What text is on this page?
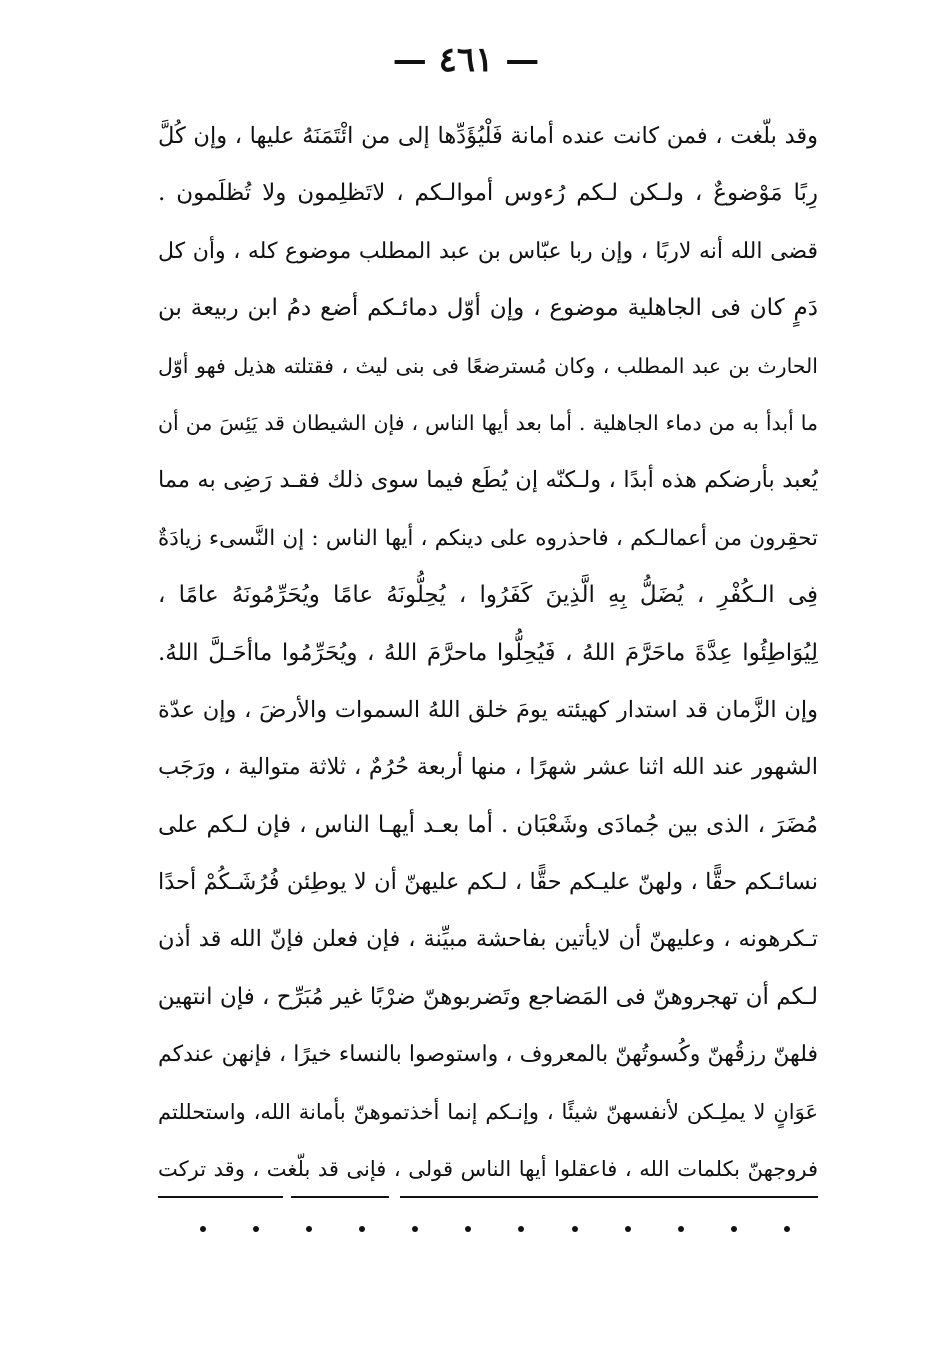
— ٤٦١ —
وقد بلّغت ، فمن كانت عنده أمانة فَلْيُؤَدِّها إلى من ائْتَمَنَهُ عليها ، وإن كُلَّ
رِبًا مَوْضوعٌ ، ولـكن لـكم رُءوس أموالـكم ، لاتَظلِمون ولا تُظلَمون .
قضى الله أنه لاربًا ، وإن ربا عبّاس بن عبد المطلب موضوع كله ، وأن كل
دَمٍ كان فى الجاهلية موضوع ، وإن أوّل دمائـكم أضع دمُ ابن ربيعة بن
الحارث بن عبد المطلب ، وكان مُسترضعًا فى بنى ليث ، فقتلته هذيل فهو أوّل
ما أبدأ به من دماء الجاهلية . أما بعد أيها الناس ، فإن الشيطان قد يَئِسَ من أن
يُعبد بأرضكم هذه أبدًا ، ولـكنّه إن يُطَع فيما سوى ذلك فقـد رَضِى به مما
تحقِرون من أعمالـكم ، فاحذروه على دينكم ، أيها الناس : إن النَّسىء زيادَةٌ
فِى الـكُفْرِ ، يُضَلُّ بِهِ الَّذِينَ كَفَرُوا ، يُحِلُّونَهُ عامًا ويُحَرِّمُونَهُ عامًا ،
لِيُوَاطِئُوا عِدَّةَ ماحَرَّمَ اللهُ ، فَيُحِلُّوا ماحرَّمَ اللهُ ، ويُحَرِّمُوا ماأحَـلَّ اللهُ.
وإن الزَّمان قد استدار كهيئته يومَ خلق اللهُ السموات والأرضَ ، وإن عدّة
الشهور عند الله اثنا عشر شهرًا ، منها أربعة حُرُمٌ ، ثلاثة متوالية ، ورَجَب
مُضَرَ ، الذى بين جُمادَى وشَعْبَان . أما بعـد أيهـا الناس ، فإن لـكم على
نسائـكم حقًّا ، ولهنّ عليـكم حقًّا ، لـكم عليهنّ أن لا يوطِئن فُرُشَـكُمْ أحدًا
تـكرهونه ، وعليهنّ أن لايأتين بفاحشة مبيِّنة ، فإن فعلن فإنّ الله قد أذن
لـكم أن تهجروهنّ فى المَضاجع وتَضربوهنّ ضرْبًا غير مُبَرِّح ، فإن انتهين
فلهنّ رزقُهنّ وكُسوتُهنّ بالمعروف ، واستوصوا بالنساء خيرًا ، فإنهن عندكم
عَوَانٍ لا يملِـكن لأنفسهنّ شيئًا ، وإنـكم إنما أخذتموهنّ بأمانة الله، واستحللتم
فروجهنّ بكلمات الله ، فاعقلوا أيها الناس قولى ، فإنى قد بلّغت ، وقد تركت
